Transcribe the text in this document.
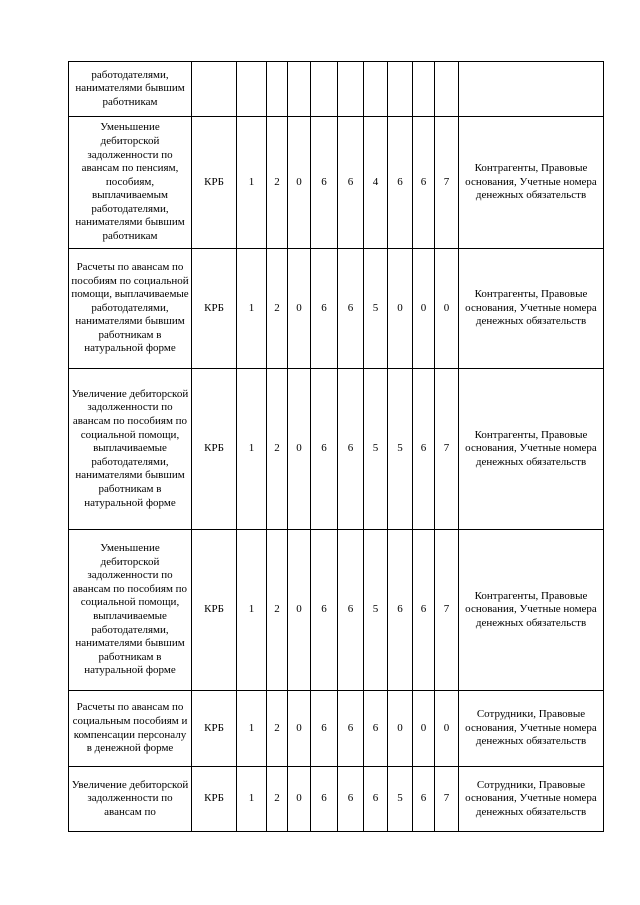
работодателями, нанимателями бывшим работникам											
Уменьшение дебиторской задолженности по авансам по пенсиям, пособиям, выплачиваемым работодателями, нанимателями бывшим работникам	КРБ	1	2	0	6	6	4	6	6	7	Контрагенты, Правовые основания, Учетные номера денежных обязательств
Расчеты по авансам по пособиям по социальной помощи, выплачиваемые работодателями, нанимателями бывшим работникам в натуральной форме	КРБ	1	2	0	6	6	5	0	0	0	Контрагенты, Правовые основания, Учетные номера денежных обязательств
Увеличение дебиторской задолженности по авансам по пособиям по социальной помощи, выплачиваемые работодателями, нанимателями бывшим работникам в натуральной форме	КРБ	1	2	0	6	6	5	5	6	7	Контрагенты, Правовые основания, Учетные номера денежных обязательств
Уменьшение дебиторской задолженности по авансам по пособиям по социальной помощи, выплачиваемые работодателями, нанимателями бывшим работникам в натуральной форме	КРБ	1	2	0	6	6	5	6	6	7	Контрагенты, Правовые основания, Учетные номера денежных обязательств
Расчеты по авансам по социальным пособиям и компенсации персоналу в денежной форме	КРБ	1	2	0	6	6	6	0	0	0	Сотрудники, Правовые основания, Учетные номера денежных обязательств
Увеличение дебиторской задолженности по авансам по	КРБ	1	2	0	6	6	6	5	6	7	Сотрудники, Правовые основания, Учетные номера денежных обязательств
